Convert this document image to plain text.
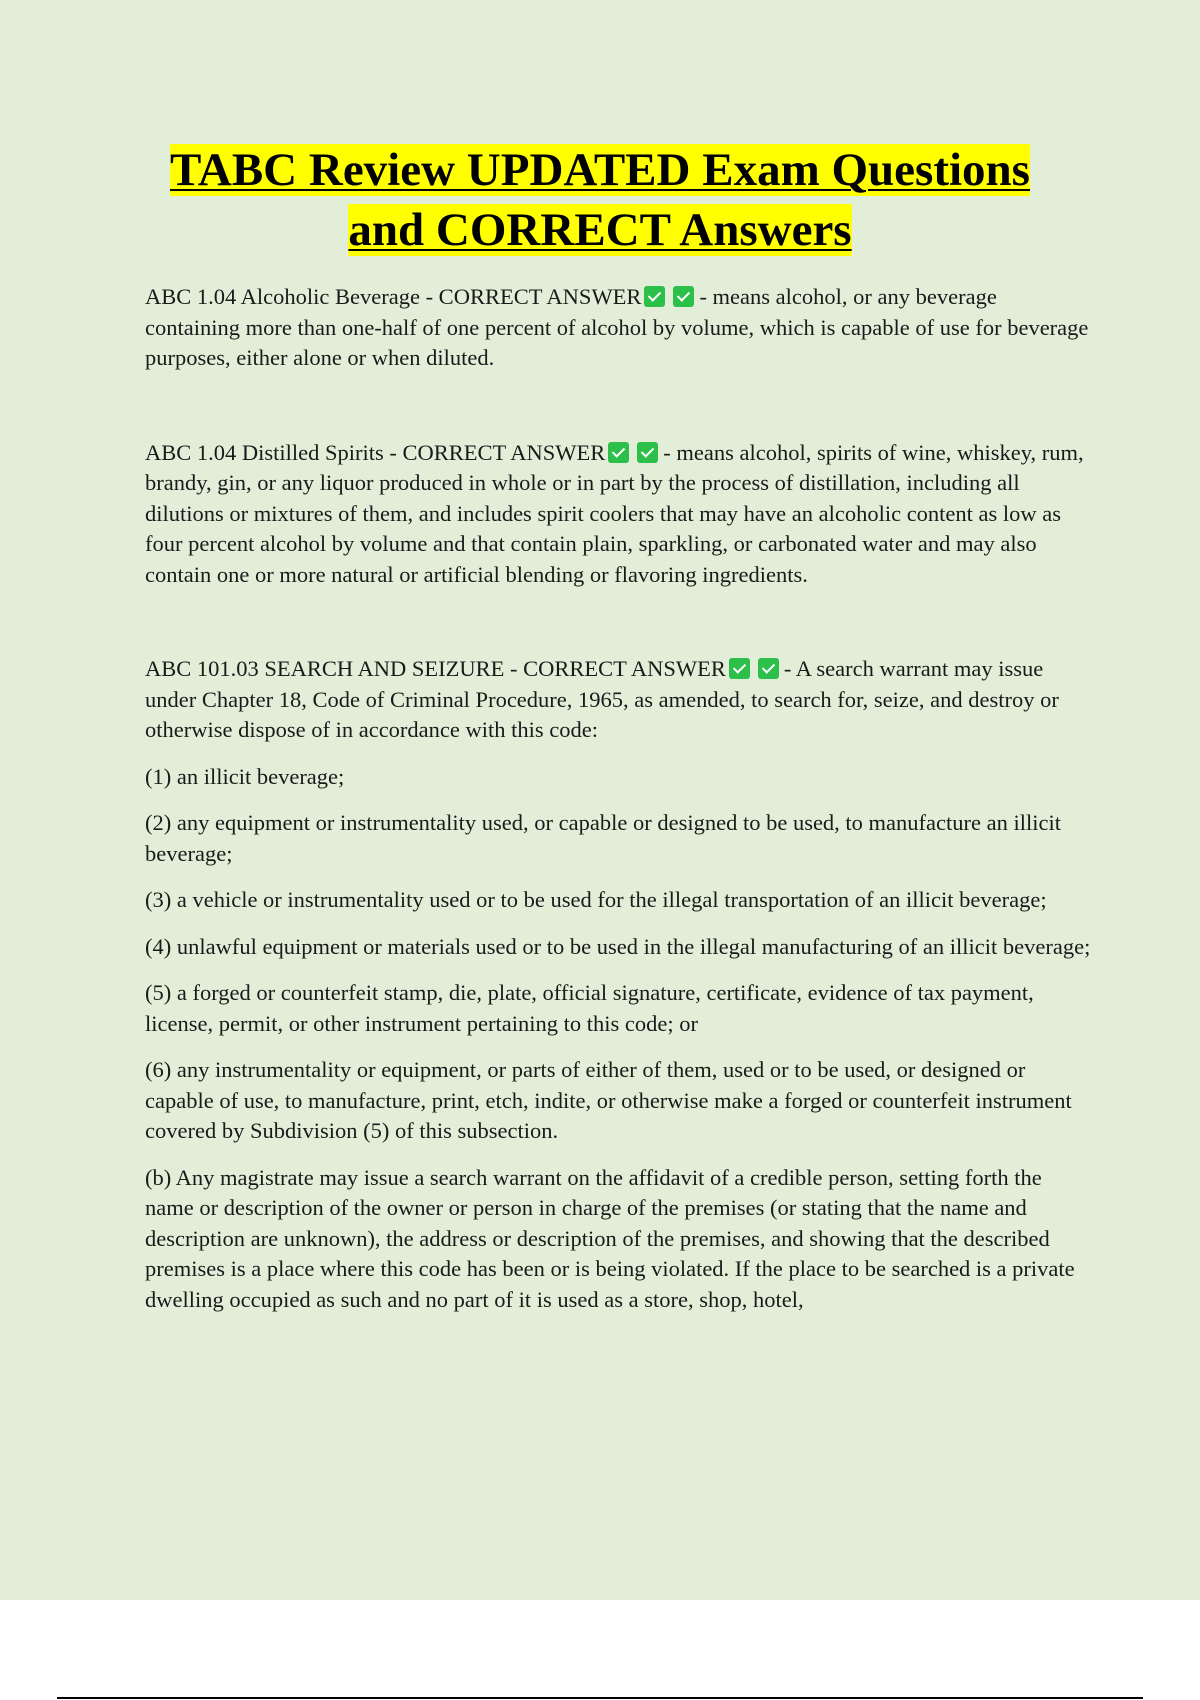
TABC Review UPDATED Exam Questions
and CORRECT Answers

ABC 1.04 Alcoholic Beverage - CORRECT ANSWER	- means alcohol, or any beverage containing more than one-half of one percent of alcohol by volume, which is capable of use for beverage purposes, either alone or when diluted.

ABC 1.04 Distilled Spirits - CORRECT ANSWER	- means alcohol, spirits of wine, whiskey, rum, brandy, gin, or any liquor produced in whole or in part by the process of distillation, including all dilutions or mixtures of them, and includes spirit coolers that may have an alcoholic content as low as four percent alcohol by volume and that contain plain, sparkling, or carbonated water and may also contain one or more natural or artificial blending or flavoring ingredients.

ABC 101.03 SEARCH AND SEIZURE - CORRECT ANSWER	- A search warrant may issue under Chapter 18, Code of Criminal Procedure, 1965, as amended, to search for, seize, and destroy or otherwise dispose of in accordance with this code:

(1) an illicit beverage;

(2) any equipment or instrumentality used, or capable or designed to be used, to manufacture an illicit beverage;

(3) a vehicle or instrumentality used or to be used for the illegal transportation of an illicit beverage;

(4) unlawful equipment or materials used or to be used in the illegal manufacturing of an illicit beverage;

(5) a forged or counterfeit stamp, die, plate, official signature, certificate, evidence of tax payment, license, permit, or other instrument pertaining to this code; or

(6) any instrumentality or equipment, or parts of either of them, used or to be used, or designed or capable of use, to manufacture, print, etch, indite, or otherwise make a forged or counterfeit instrument covered by Subdivision (5) of this subsection.

(b) Any magistrate may issue a search warrant on the affidavit of a credible person, setting forth the name or description of the owner or person in charge of the premises (or stating that the name and description are unknown), the address or description of the premises, and showing that the described premises is a place where this code has been or is being violated. If the place to be searched is a private dwelling occupied as such and no part of it is used as a store, shop, hotel,
